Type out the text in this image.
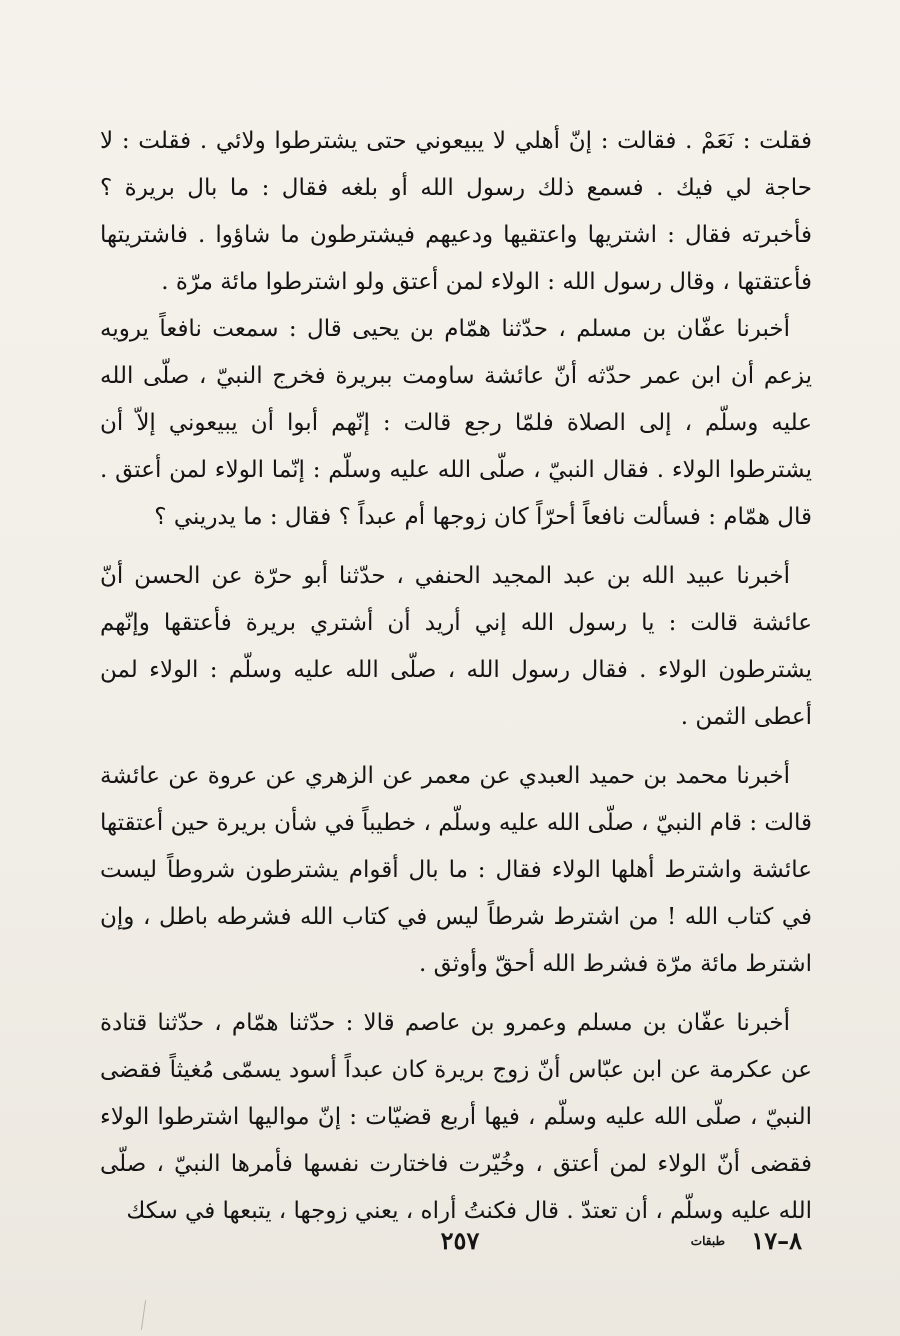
فقلت : نَعَمْ . فقالت : إنّ أهلي لا يبيعوني حتى يشترطوا ولائي . فقلت : لا حاجة لي فيك . فسمع ذلك رسول الله أو بلغه فقال : ما بال بريرة ؟ فأخبرته فقال : اشتريها واعتقيها ودعيهم فيشترطون ما شاؤوا . فاشتريتها فأعتقتها ، وقال رسول الله : الولاء لمن أعتق ولو اشترطوا مائة مرّة .

أخبرنا عفّان بن مسلم ، حدّثنا همّام بن يحيى قال : سمعت نافعاً يرويه يزعم أن ابن عمر حدّثه أنّ عائشة ساومت ببريرة فخرج النبيّ ، صلّى الله عليه وسلّم ، إلى الصلاة فلمّا رجع قالت : إنّهم أبوا أن يبيعوني إلاّ أن يشترطوا الولاء . فقال النبيّ ، صلّى الله عليه وسلّم : إنّما الولاء لمن أعتق . قال همّام : فسألت نافعاً أحرّاً كان زوجها أم عبداً ؟ فقال : ما يدريني ؟

أخبرنا عبيد الله بن عبد المجيد الحنفي ، حدّثنا أبو حرّة عن الحسن أنّ عائشة قالت : يا رسول الله إني أريد أن أشتري بريرة فأعتقها وإنّهم يشترطون الولاء . فقال رسول الله ، صلّى الله عليه وسلّم : الولاء لمن أعطى الثمن .

أخبرنا محمد بن حميد العبدي عن معمر عن الزهري عن عروة عن عائشة قالت : قام النبيّ ، صلّى الله عليه وسلّم ، خطيباً في شأن بريرة حين أعتقتها عائشة واشترط أهلها الولاء فقال : ما بال أقوام يشترطون شروطاً ليست في كتاب الله ! من اشترط شرطاً ليس في كتاب الله فشرطه باطل ، وإن اشترط مائة مرّة فشرط الله أحقّ وأوثق .

أخبرنا عفّان بن مسلم وعمرو بن عاصم قالا : حدّثنا همّام ، حدّثنا قتادة عن عكرمة عن ابن عبّاس أنّ زوج بريرة كان عبداً أسود يسمّى مُغيثاً فقضى النبيّ ، صلّى الله عليه وسلّم ، فيها أربع قضيّات : إنّ مواليها اشترطوا الولاء فقضى أنّ الولاء لمن أعتق ، وخُيّرت فاختارت نفسها فأمرها النبيّ ، صلّى الله عليه وسلّم ، أن تعتدّ . قال فكنتُ أراه ، يعني زوجها ، يتبعها في سكك

٢٥٧	طبقات ٨–١٧
